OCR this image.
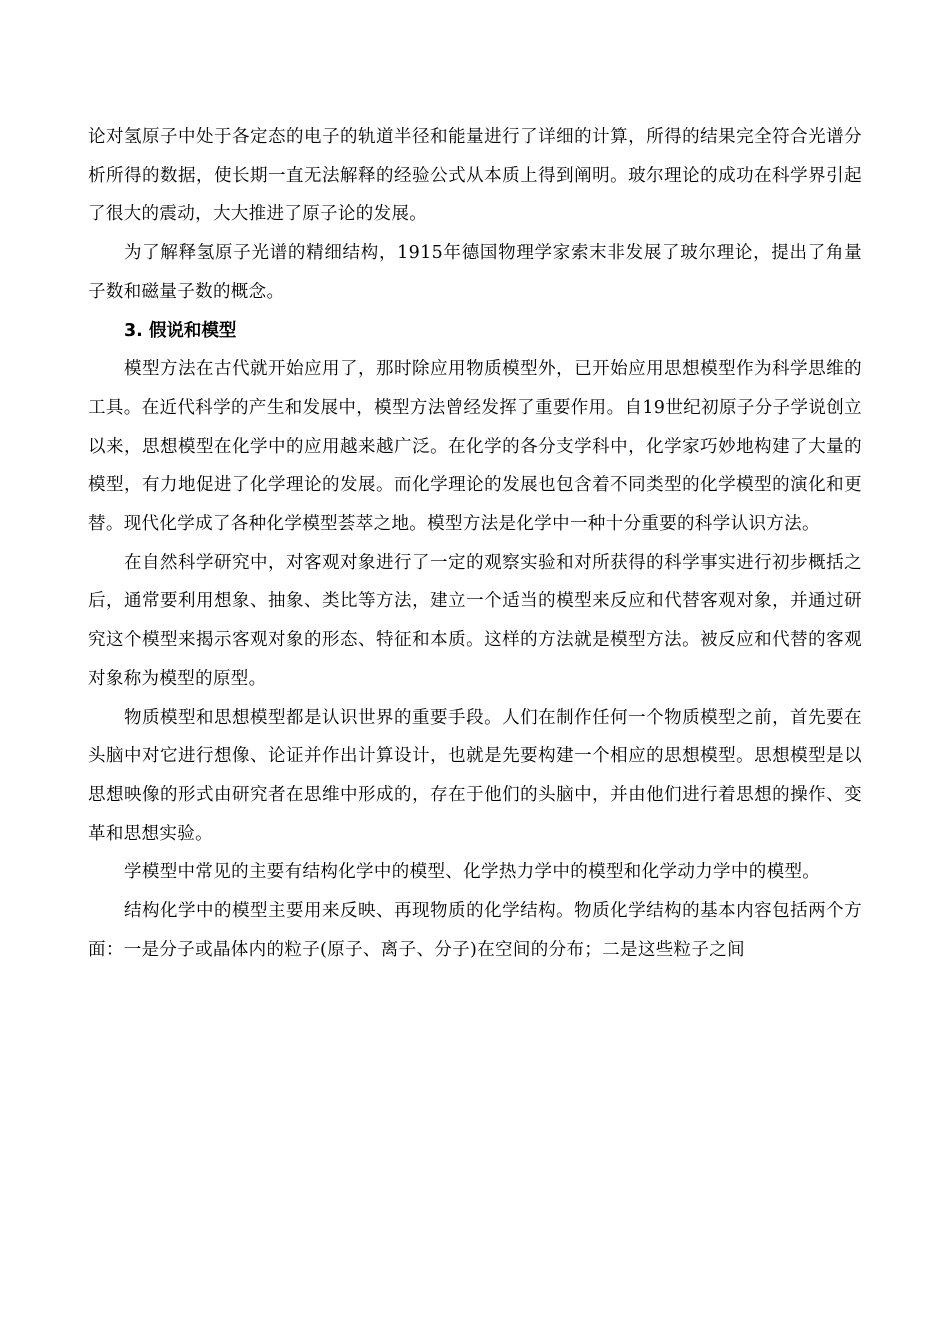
论对氢原子中处于各定态的电子的轨道半径和能量进行了详细的计算，所得的结果完全符合光谱分析所得的数据，使长期一直无法解释的经验公式从本质上得到阐明。玻尔理论的成功在科学界引起了很大的震动，大大推进了原子论的发展。

为了解释氢原子光谱的精细结构，1915年德国物理学家索末非发展了玻尔理论，提出了角量子数和磁量子数的概念。

3. 假说和模型

模型方法在古代就开始应用了，那时除应用物质模型外，已开始应用思想模型作为科学思维的工具。在近代科学的产生和发展中，模型方法曾经发挥了重要作用。自19世纪初原子分子学说创立以来，思想模型在化学中的应用越来越广泛。在化学的各分支学科中，化学家巧妙地构建了大量的模型，有力地促进了化学理论的发展。而化学理论的发展也包含着不同类型的化学模型的演化和更替。现代化学成了各种化学模型荟萃之地。模型方法是化学中一种十分重要的科学认识方法。

在自然科学研究中，对客观对象进行了一定的观察实验和对所获得的科学事实进行初步概括之后，通常要利用想象、抽象、类比等方法，建立一个适当的模型来反应和代替客观对象，并通过研究这个模型来揭示客观对象的形态、特征和本质。这样的方法就是模型方法。被反应和代替的客观对象称为模型的原型。

物质模型和思想模型都是认识世界的重要手段。人们在制作任何一个物质模型之前，首先要在头脑中对它进行想像、论证并作出计算设计，也就是先要构建一个相应的思想模型。思想模型是以思想映像的形式由研究者在思维中形成的，存在于他们的头脑中，并由他们进行着思想的操作、变革和思想实验。

学模型中常见的主要有结构化学中的模型、化学热力学中的模型和化学动力学中的模型。

结构化学中的模型主要用来反映、再现物质的化学结构。物质化学结构的基本内容包括两个方面：一是分子或晶体内的粒子(原子、离子、分子)在空间的分布；二是这些粒子之间
